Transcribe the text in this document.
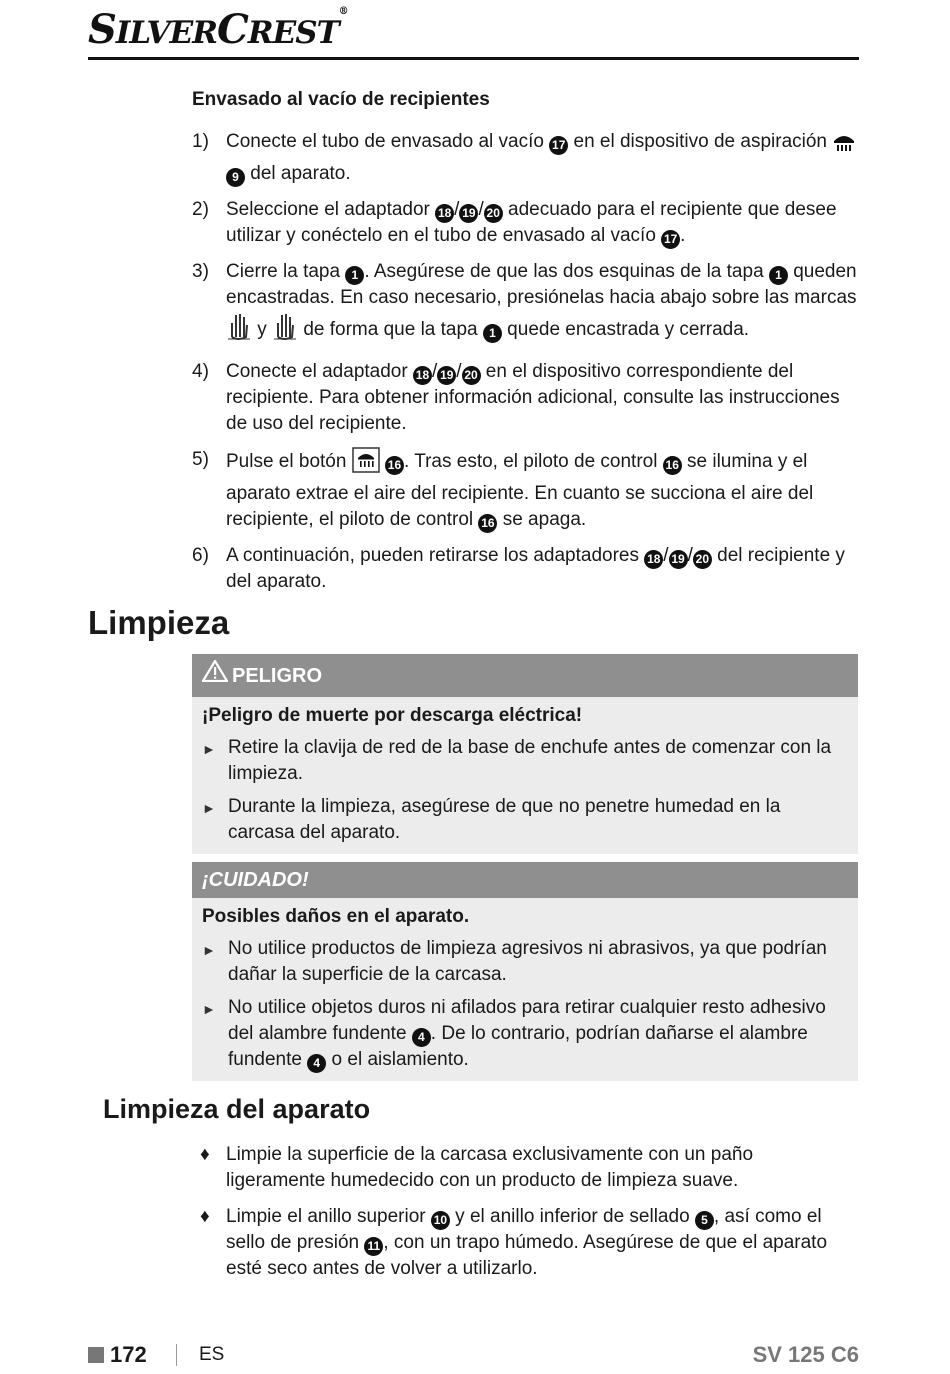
SILVERCREST®
Envasado al vacío de recipientes
1) Conecte el tubo de envasado al vacío 17 en el dispositivo de aspiración
9 del aparato.
2) Seleccione el adaptador 18 / 19 / 20 adecuado para el recipiente que desee utilizar y conéctelo en el tubo de envasado al vacío 17 .
3) Cierre la tapa 1 . Asegúrese de que las dos esquinas de la tapa 1 queden encastradas. En caso necesario, presiónelas hacia abajo sobre las marcas  y  de forma que la tapa 1 quede encastrada y cerrada.
4) Conecte el adaptador 18 / 19 / 20 en el dispositivo correspondiente del recipiente. Para obtener información adicional, consulte las instrucciones de uso del recipiente.
5) Pulse el botón	16 . Tras esto, el piloto de control 16 se ilumina y el aparato extrae el aire del recipiente. En cuanto se succiona el aire del recipiente, el piloto de control 16 se apaga.
6) A continuación, pueden retirarse los adaptadores 18 / 19 / 20 del recipiente y del aparato.
Limpieza
PELIGRO
¡Peligro de muerte por descarga eléctrica!
► Retire la clavija de red de la base de enchufe antes de comenzar con la limpieza.
► Durante la limpieza, asegúrese de que no penetre humedad en la carcasa del aparato.
¡CUIDADO!
Posibles daños en el aparato.
► No utilice productos de limpieza agresivos ni abrasivos, ya que podrían dañar la superficie de la carcasa.
► No utilice objetos duros ni afilados para retirar cualquier resto adhesivo del alambre fundente 4 . De lo contrario, podrían dañarse el alambre fundente 4 o el aislamiento.
Limpieza del aparato
♦ Limpie la superficie de la carcasa exclusivamente con un paño ligeramente humedecido con un producto de limpieza suave.
♦ Limpie el anillo superior 10 y el anillo inferior de sellado 5 , así como el sello de presión 11 , con un trapo húmedo. Asegúrese de que el aparato esté seco antes de volver a utilizarlo.
172	ES	SV 125 C6
